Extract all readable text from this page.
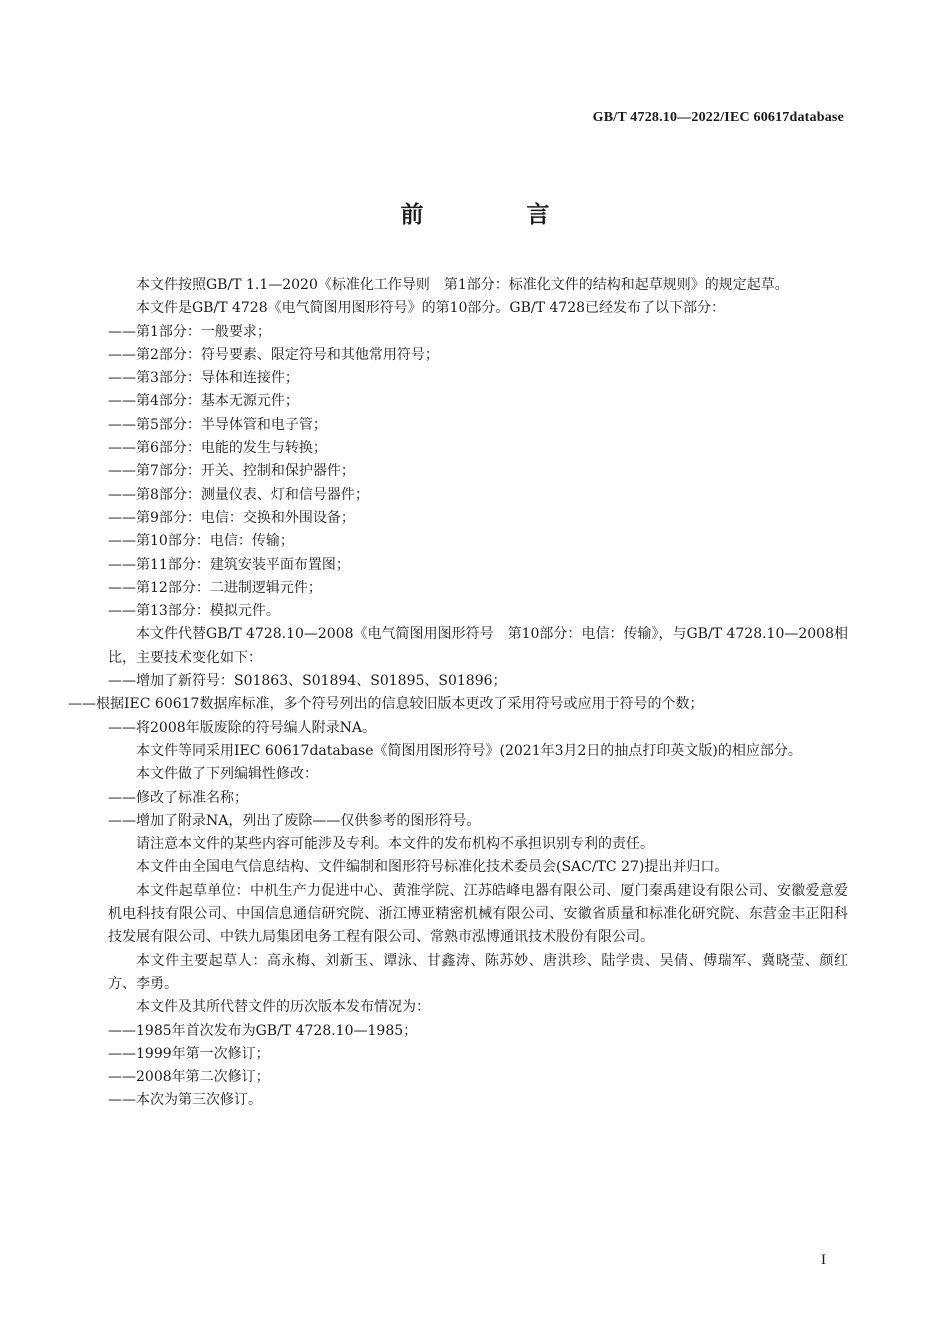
GB/T 4728.10—2022/IEC 60617database
前　言

本文件按照GB/T 1.1—2020《标准化工作导则　第1部分：标准化文件的结构和起草规则》的规定起草。

本文件是GB/T 4728《电气简图用图形符号》的第10部分。GB/T 4728已经发布了以下部分：

——第1部分：一般要求；

——第2部分：符号要素、限定符号和其他常用符号；

——第3部分：导体和连接件；

——第4部分：基本无源元件；

——第5部分：半导体管和电子管；

——第6部分：电能的发生与转换；

——第7部分：开关、控制和保护器件；

——第8部分：测量仪表、灯和信号器件；

——第9部分：电信：交换和外围设备；

——第10部分：电信：传输；

——第11部分：建筑安装平面布置图；

——第12部分：二进制逻辑元件；

——第13部分：模拟元件。

本文件代替GB/T 4728.10—2008《电气简图用图形符号　第10部分：电信：传输》，与GB/T 4728.10—2008相比，主要技术变化如下：

——增加了新符号：S01863、S01894、S01895、S01896；

——根据IEC 60617数据库标准，多个符号列出的信息较旧版本更改了采用符号或应用于符号的个数；

——将2008年版废除的符号编人附录NA。

本文件等同采用IEC 60617database《简图用图形符号》(2021年3月2日的抽点打印英文版)的相应部分。

本文件做了下列编辑性修改：

——修改了标准名称；

——增加了附录NA，列出了废除——仅供参考的图形符号。

请注意本文件的某些内容可能涉及专利。本文件的发布机构不承担识别专利的责任。

本文件由全国电气信息结构、文件编制和图形符号标准化技术委员会(SAC/TC 27)提出并归口。

本文件起草单位：中机生产力促进中心、黄淮学院、江苏皓峰电器有限公司、厦门秦禹建设有限公司、安徽爱意爱机电科技有限公司、中国信息通信研究院、浙江博亚精密机械有限公司、安徽省质量和标准化研究院、东营金丰正阳科技发展有限公司、中铁九局集团电务工程有限公司、常熟市泓博通讯技术股份有限公司。

本文件主要起草人：高永梅、刘新玉、谭泳、甘鑫涛、陈苏妙、唐洪珍、陆学贵、吴倩、傅瑞军、冀晓莹、颜红方、李勇。

本文件及其所代替文件的历次版本发布情况为：

——1985年首次发布为GB/T 4728.10—1985；

——1999年第一次修订；

——2008年第二次修订；

——本次为第三次修订。

I
